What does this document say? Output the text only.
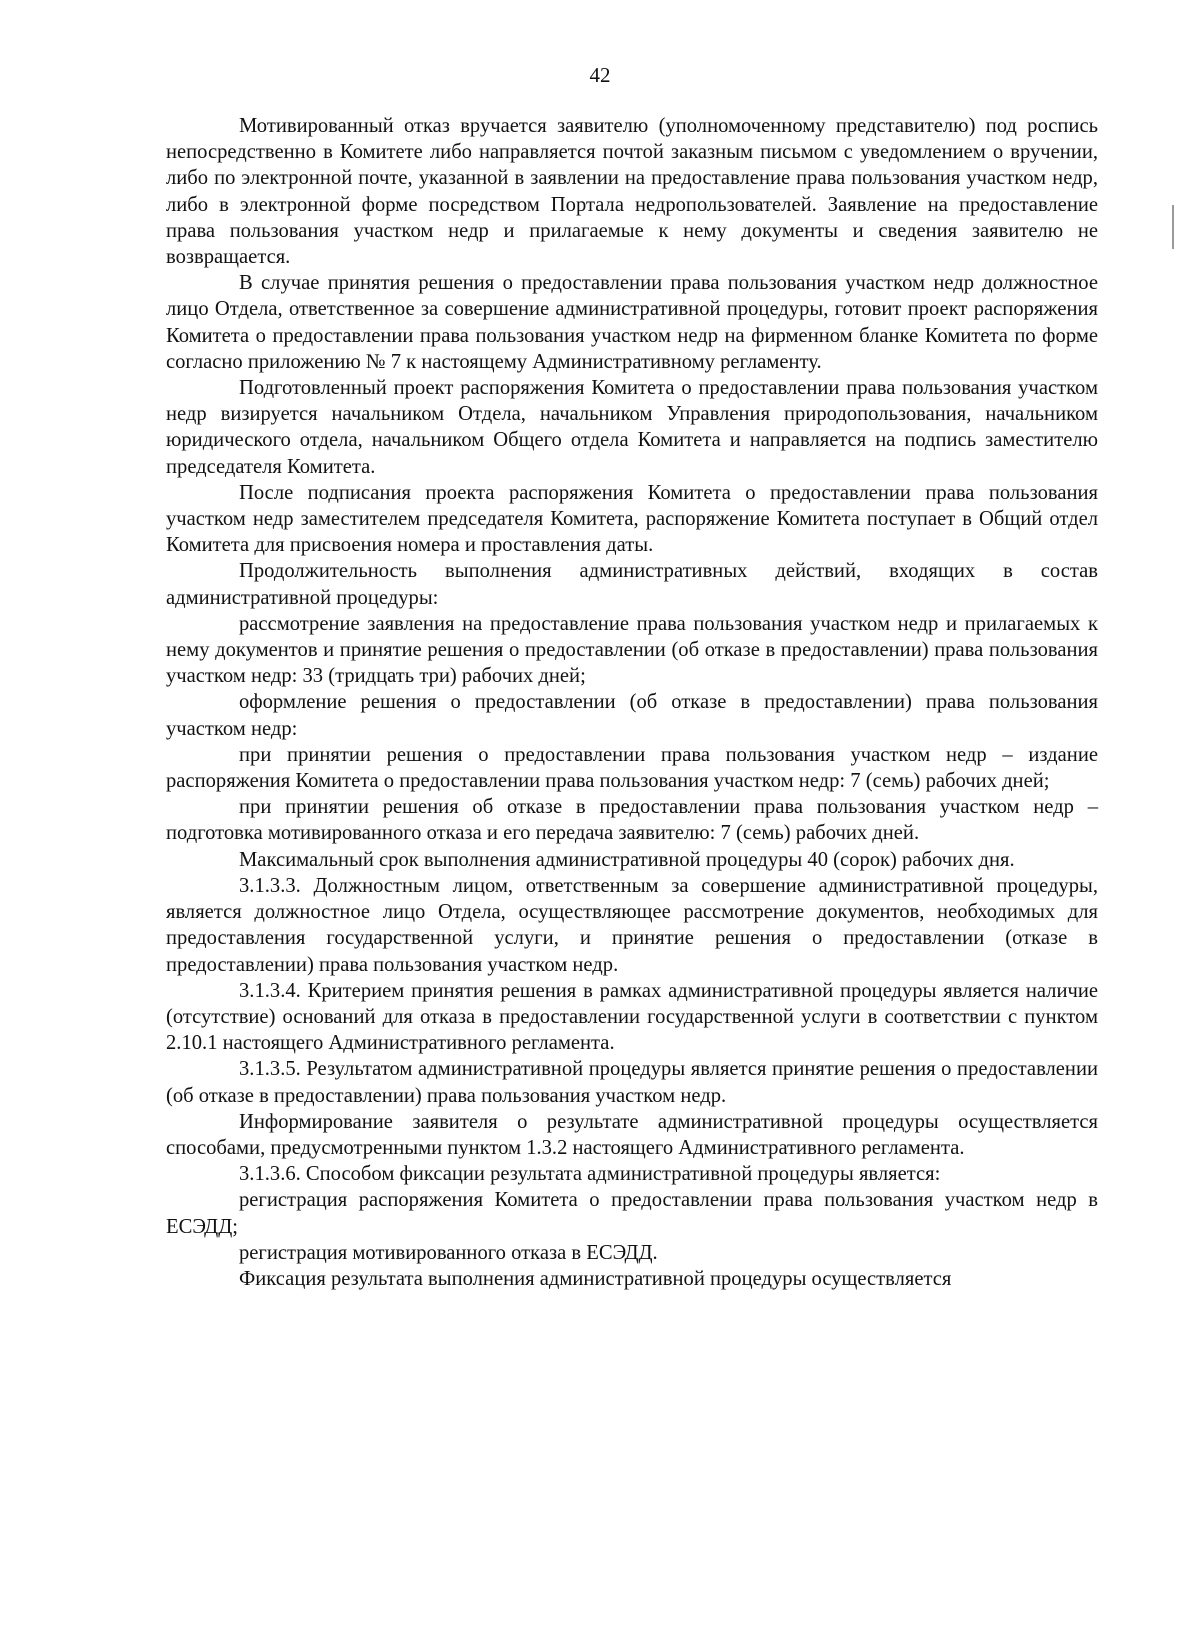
42

Мотивированный отказ вручается заявителю (уполномоченному представителю) под роспись непосредственно в Комитете либо направляется почтой заказным письмом с уведомлением о вручении, либо по электронной почте, указанной в заявлении на предоставление права пользования участком недр, либо в электронной форме посредством Портала недропользователей. Заявление на предоставление права пользования участком недр и прилагаемые к нему документы и сведения заявителю не возвращается.

В случае принятия решения о предоставлении права пользования участком недр должностное лицо Отдела, ответственное за совершение административной процедуры, готовит проект распоряжения Комитета о предоставлении права пользования участком недр на фирменном бланке Комитета по форме согласно приложению № 7 к настоящему Административному регламенту.

Подготовленный проект распоряжения Комитета о предоставлении права пользования участком недр визируется начальником Отдела, начальником Управления природопользования, начальником юридического отдела, начальником Общего отдела Комитета и направляется на подпись заместителю председателя Комитета.

После подписания проекта распоряжения Комитета о предоставлении права пользования участком недр заместителем председателя Комитета, распоряжение Комитета поступает в Общий отдел Комитета для присвоения номера и проставления даты.

Продолжительность выполнения административных действий, входящих в состав административной процедуры:

рассмотрение заявления на предоставление права пользования участком недр и прилагаемых к нему документов и принятие решения о предоставлении (об отказе в предоставлении) права пользования участком недр: 33 (тридцать три) рабочих дней;

оформление решения о предоставлении (об отказе в предоставлении) права пользования участком недр:

при принятии решения о предоставлении права пользования участком недр – издание распоряжения Комитета о предоставлении права пользования участком недр: 7 (семь) рабочих дней;

при принятии решения об отказе в предоставлении права пользования участком недр – подготовка мотивированного отказа и его передача заявителю: 7 (семь) рабочих дней.

Максимальный срок выполнения административной процедуры 40 (сорок) рабочих дня.

3.1.3.3. Должностным лицом, ответственным за совершение административной процедуры, является должностное лицо Отдела, осуществляющее рассмотрение документов, необходимых для предоставления государственной услуги, и принятие решения о предоставлении (отказе в предоставлении) права пользования участком недр.

3.1.3.4. Критерием принятия решения в рамках административной процедуры является наличие (отсутствие) оснований для отказа в предоставлении государственной услуги в соответствии с пунктом 2.10.1 настоящего Административного регламента.

3.1.3.5. Результатом административной процедуры является принятие решения о предоставлении (об отказе в предоставлении) права пользования участком недр.

Информирование заявителя о результате административной процедуры осуществляется способами, предусмотренными пунктом 1.3.2 настоящего Административного регламента.

3.1.3.6. Способом фиксации результата административной процедуры является:

регистрация распоряжения Комитета о предоставлении права пользования участком недр в ЕСЭДД;

регистрация мотивированного отказа в ЕСЭДД.

Фиксация результата выполнения административной процедуры осуществляется
